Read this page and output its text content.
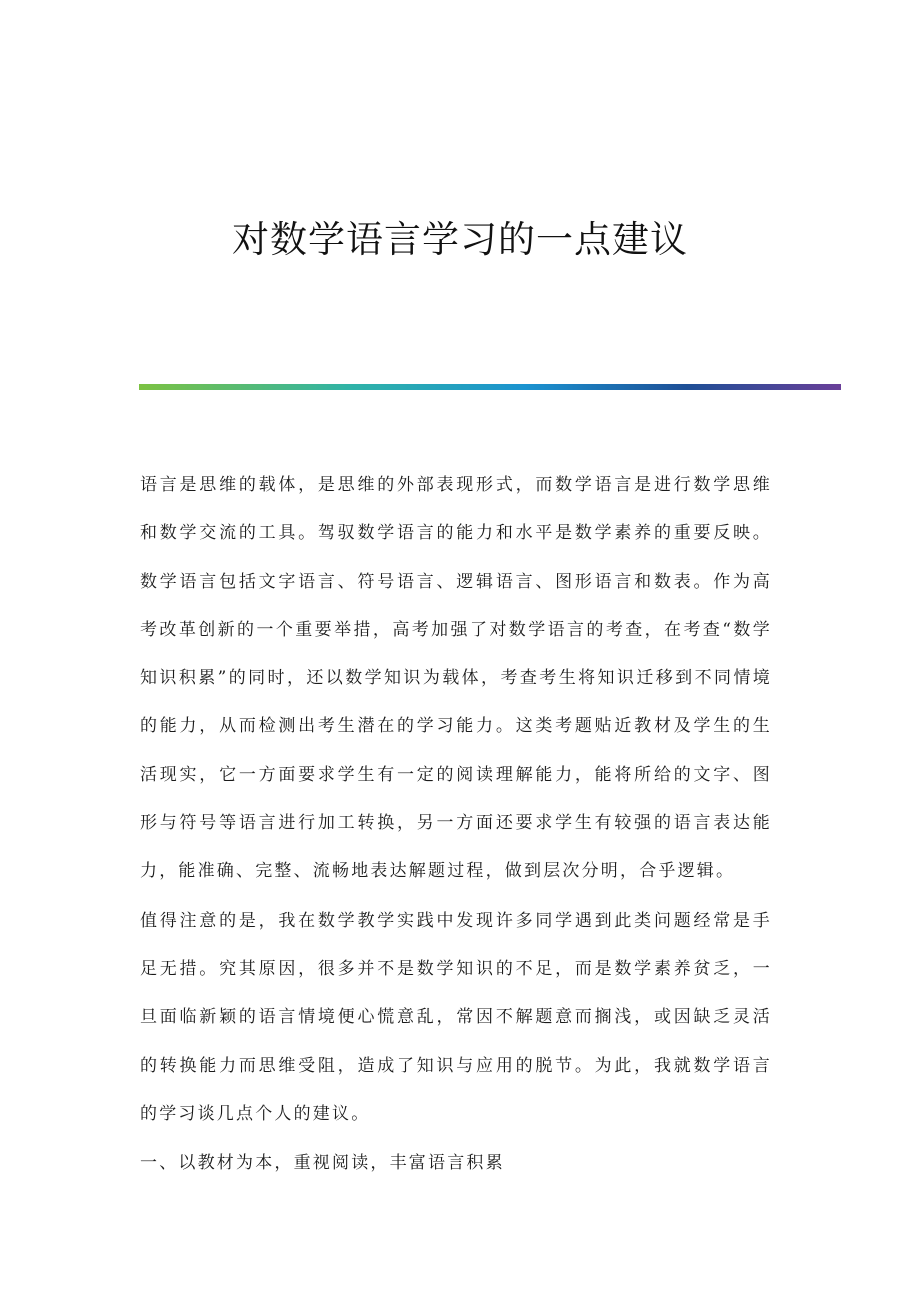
对数学语言学习的一点建议

语言是思维的载体，是思维的外部表现形式，而数学语言是进行数学思维和数学交流的工具。驾驭数学语言的能力和水平是数学素养的重要反映。数学语言包括文字语言、符号语言、逻辑语言、图形语言和数表。作为高考改革创新的一个重要举措，高考加强了对数学语言的考查，在考查“数学知识积累”的同时，还以数学知识为载体，考查考生将知识迁移到不同情境的能力，从而检测出考生潜在的学习能力。这类考题贴近教材及学生的生活现实，它一方面要求学生有一定的阅读理解能力，能将所给的文字、图形与符号等语言进行加工转换，另一方面还要求学生有较强的语言表达能力，能准确、完整、流畅地表达解题过程，做到层次分明，合乎逻辑。

值得注意的是，我在数学教学实践中发现许多同学遇到此类问题经常是手足无措。究其原因，很多并不是数学知识的不足，而是数学素养贫乏，一旦面临新颖的语言情境便心慌意乱，常因不解题意而搁浅，或因缺乏灵活的转换能力而思维受阻，造成了知识与应用的脱节。为此，我就数学语言的学习谈几点个人的建议。

一、以教材为本，重视阅读，丰富语言积累
